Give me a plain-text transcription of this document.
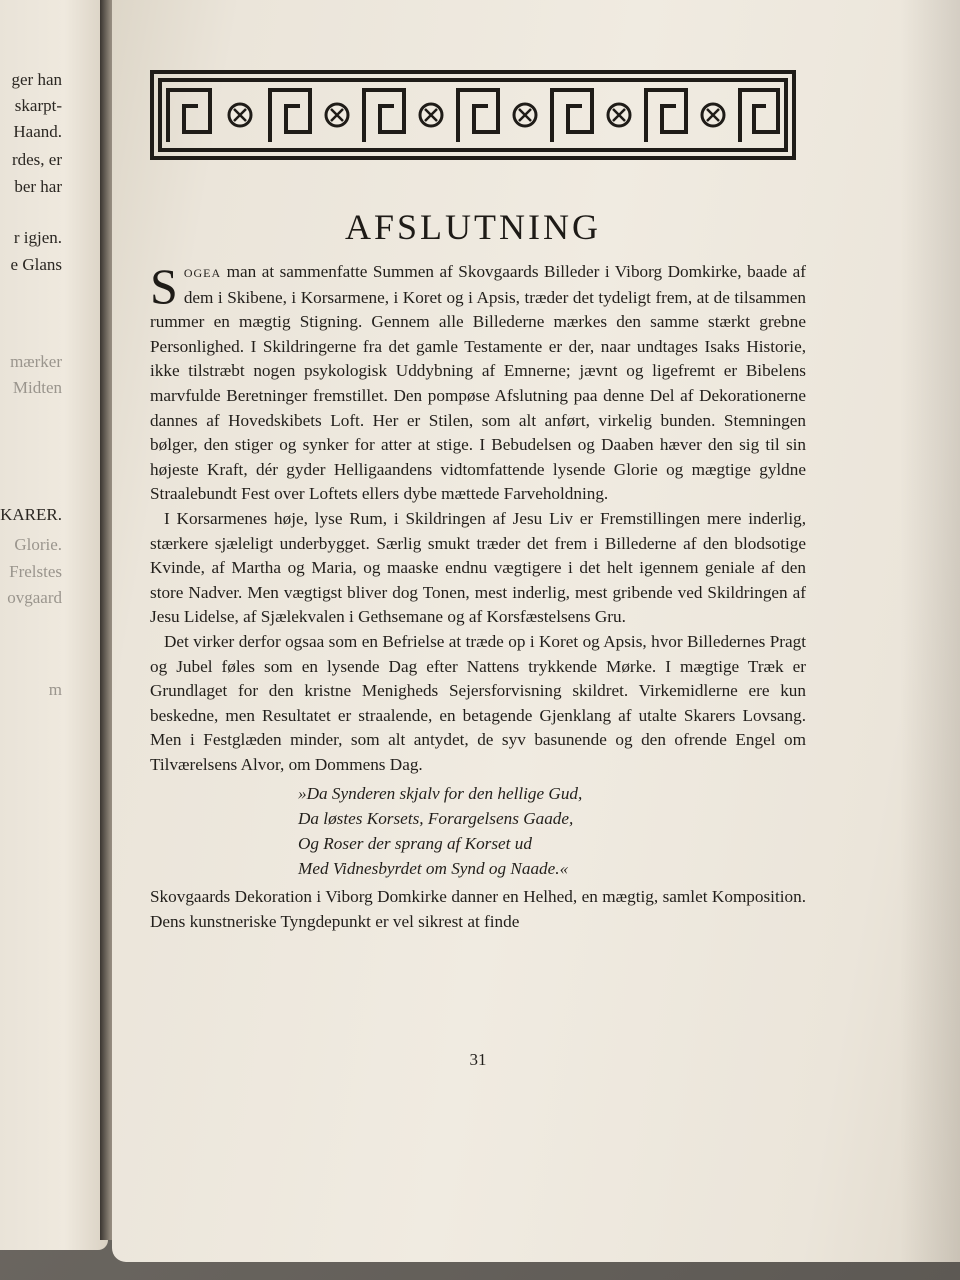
ger han
skarpt-
Haand.
rdes, er
ber har
r igjen.
e Glans
mærker
Midten
KARER.
Glorie.
Frelstes
ovgaard
m
AFSLUTNING

SOGEA man at sammenfatte Summen af Skovgaards Billeder i Viborg Domkirke, baade af dem i Skibene, i Korsarmene, i Koret og i Apsis, træder det tydeligt frem, at de tilsammen rummer en mægtig Stigning. Gennem alle Billederne mærkes den samme stærkt grebne Personlighed. I Skildringerne fra det gamle Testamente er der, naar undtages Isaks Historie, ikke tilstræbt nogen psykologisk Uddybning af Emnerne; jævnt og ligefremt er Bibelens marvfulde Beretninger fremstillet. Den pompøse Afslutning paa denne Del af Dekorationerne dannes af Hovedskibets Loft. Her er Stilen, som alt anført, virkelig bunden. Stemningen bølger, den stiger og synker for atter at stige. I Bebudelsen og Daaben hæver den sig til sin højeste Kraft, dér gyder Helligaandens vidtomfattende lysende Glorie og mægtige gyldne Straalebundt Fest over Loftets ellers dybe mættede Farveholdning.

I Korsarmenes høje, lyse Rum, i Skildringen af Jesu Liv er Fremstillingen mere inderlig, stærkere sjæleligt underbygget. Særlig smukt træder det frem i Billederne af den blodsotige Kvinde, af Martha og Maria, og maaske endnu vægtigere i det helt igennem geniale af den store Nadver. Men vægtigst bliver dog Tonen, mest inderlig, mest gribende ved Skildringen af Jesu Lidelse, af Sjælekvalen i Gethsemane og af Korsfæstelsens Gru.

Det virker derfor ogsaa som en Befrielse at træde op i Koret og Apsis, hvor Billedernes Pragt og Jubel føles som en lysende Dag efter Nattens trykkende Mørke. I mægtige Træk er Grundlaget for den kristne Menigheds Sejersforvisning skildret. Virkemidlerne ere kun beskedne, men Resultatet er straalende, en betagende Gjenklang af utalte Skarers Lovsang. Men i Festglæden minder, som alt antydet, de syv basunende og den ofrende Engel om Tilværelsens Alvor, om Dommens Dag.

»Da Synderen skjalv for den hellige Gud,
Da løstes Korsets, Forargelsens Gaade,
Og Roser der sprang af Korset ud
Med Vidnesbyrdet om Synd og Naade.«

Skovgaards Dekoration i Viborg Domkirke danner en Helhed, en mægtig, samlet Komposition. Dens kunstneriske Tyngdepunkt er vel sikrest at finde

31
